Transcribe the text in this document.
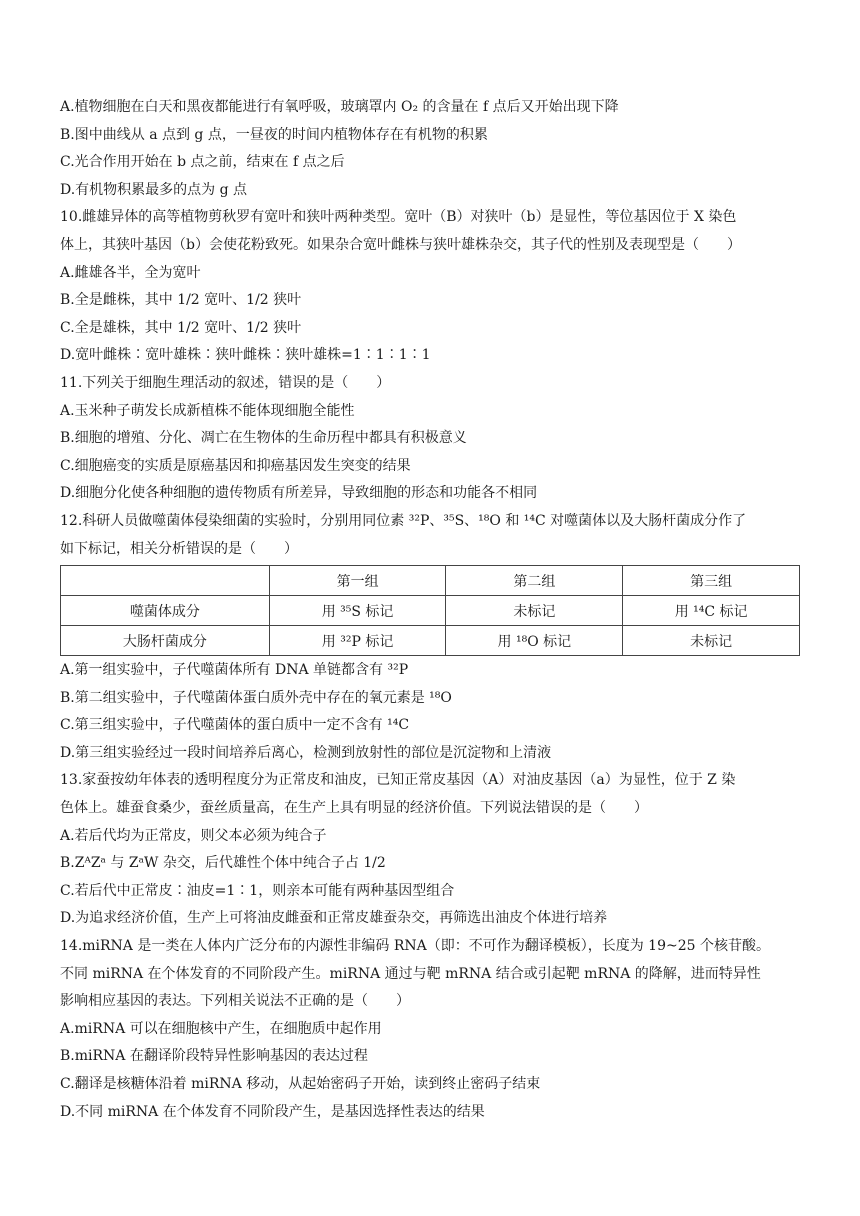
A.植物细胞在白天和黑夜都能进行有氧呼吸，玻璃罩内 O₂ 的含量在 f 点后又开始出现下降
B.图中曲线从 a 点到 g 点，一昼夜的时间内植物体存在有机物的积累
C.光合作用开始在 b 点之前，结束在 f 点之后
D.有机物积累最多的点为 g 点
10.雌雄异体的高等植物剪秋罗有宽叶和狭叶两种类型。宽叶（B）对狭叶（b）是显性，等位基因位于 X 染色
体上，其狭叶基因（b）会使花粉致死。如果杂合宽叶雌株与狭叶雄株杂交，其子代的性别及表现型是（　　）
A.雌雄各半，全为宽叶
B.全是雌株，其中 1/2 宽叶、1/2 狭叶
C.全是雄株，其中 1/2 宽叶、1/2 狭叶
D.宽叶雌株∶宽叶雄株∶狭叶雌株∶狭叶雄株=1∶1∶1∶1
11.下列关于细胞生理活动的叙述，错误的是（　　）
A.玉米种子萌发长成新植株不能体现细胞全能性
B.细胞的增殖、分化、凋亡在生物体的生命历程中都具有积极意义
C.细胞癌变的实质是原癌基因和抑癌基因发生突变的结果
D.细胞分化使各种细胞的遗传物质有所差异，导致细胞的形态和功能各不相同
12.科研人员做噬菌体侵染细菌的实验时，分别用同位素 ³²P、³⁵S、¹⁸O 和 ¹⁴C 对噬菌体以及大肠杆菌成分作了
如下标记，相关分析错误的是（　　）
	第一组	第二组	第三组
噬菌体成分	用 ³⁵S 标记	未标记	用 ¹⁴C 标记
大肠杆菌成分	用 ³²P 标记	用 ¹⁸O 标记	未标记
A.第一组实验中，子代噬菌体所有 DNA 单链都含有 ³²P
B.第二组实验中，子代噬菌体蛋白质外壳中存在的氧元素是 ¹⁸O
C.第三组实验中，子代噬菌体的蛋白质中一定不含有 ¹⁴C
D.第三组实验经过一段时间培养后离心，检测到放射性的部位是沉淀物和上清液
13.家蚕按幼年体表的透明程度分为正常皮和油皮，已知正常皮基因（A）对油皮基因（a）为显性，位于 Z 染
色体上。雄蚕食桑少，蚕丝质量高，在生产上具有明显的经济价值。下列说法错误的是（　　）
A.若后代均为正常皮，则父本必须为纯合子
B.ZᴬZᵃ 与 ZᵃW 杂交，后代雄性个体中纯合子占 1/2
C.若后代中正常皮∶油皮=1∶1，则亲本可能有两种基因型组合
D.为追求经济价值，生产上可将油皮雌蚕和正常皮雄蚕杂交，再筛选出油皮个体进行培养
14.miRNA 是一类在人体内广泛分布的内源性非编码 RNA（即：不可作为翻译模板），长度为 19~25 个核苷酸。
不同 miRNA 在个体发育的不同阶段产生。miRNA 通过与靶 mRNA 结合或引起靶 mRNA 的降解，进而特异性
影响相应基因的表达。下列相关说法不正确的是（　　）
A.miRNA 可以在细胞核中产生，在细胞质中起作用
B.miRNA 在翻译阶段特异性影响基因的表达过程
C.翻译是核糖体沿着 miRNA 移动，从起始密码子开始，读到终止密码子结束
D.不同 miRNA 在个体发育不同阶段产生，是基因选择性表达的结果
